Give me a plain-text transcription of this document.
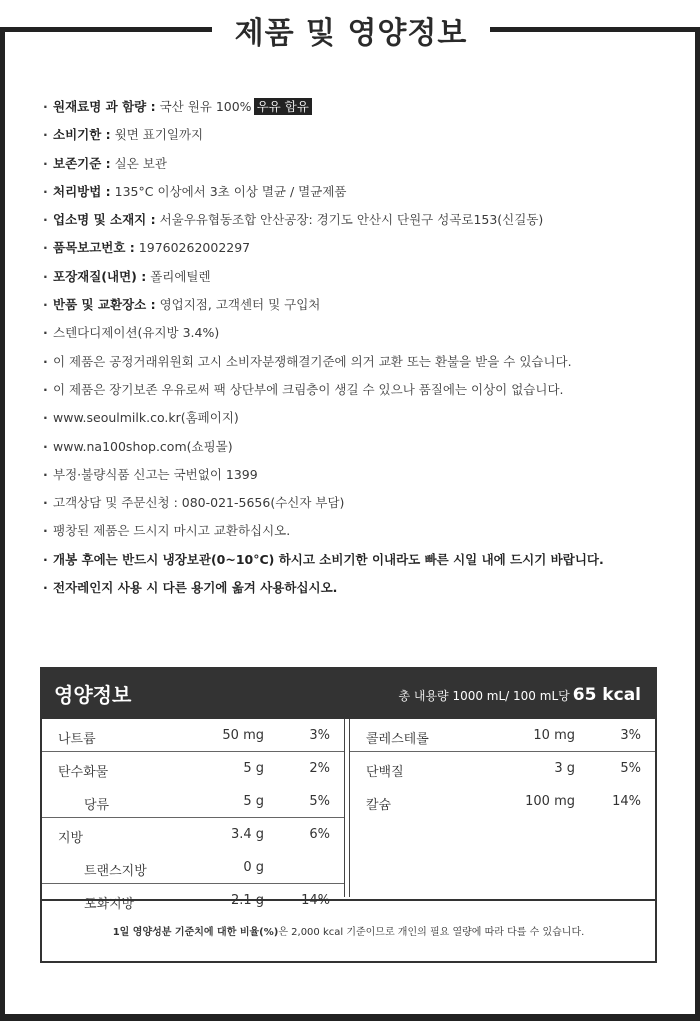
제품 및 영양정보
· 원재료명 과 함량 : 국산 원유 100% 우유 함유
· 소비기한 : 윗면 표기일까지
· 보존기준 : 실온 보관
· 처리방법 : 135°C 이상에서 3초 이상 멸균 / 멸균제품
· 업소명 및 소재지 : 서울우유협동조합 안산공장: 경기도 안산시 단원구 성곡로153(신길동)
· 품목보고번호 : 19760262002297
· 포장재질(내면) : 폴리에틸렌
· 반품 및 교환장소 : 영업지점, 고객센터 및 구입처
· 스텐다디제이션(유지방 3.4%)
· 이 제품은 공정거래위원회 고시 소비자분쟁해결기준에 의거 교환 또는 환불을 받을 수 있습니다.
· 이 제품은 장기보존 우유로써 팩 상단부에 크림층이 생길 수 있으나 품질에는 이상이 없습니다.
· www.seoulmilk.co.kr(홈페이지)
· www.na100shop.com(쇼핑몰)
· 부정·불량식품 신고는 국번없이 1399
· 고객상담 및 주문신청 : 080-021-5656(수신자 부담)
· 팽창된 제품은 드시지 마시고 교환하십시오.
· 개봉 후에는 반드시 냉장보관(0~10°C) 하시고 소비기한 이내라도 빠른 시일 내에 드시기 바랍니다.
· 전자레인지 사용 시 다른 용기에 옮겨 사용하십시오.
영양정보	총 내용량 1000 mL/ 100 mL당 65 kcal
나트륨	50 mg	3%
탄수화물	5 g	2%
당류	5 g	5%
지방	3.4 g	6%
트랜스지방	0 g
포화지방	2.1 g	14%
콜레스테롤	10 mg	3%
단백질	3 g	5%
칼슘	100 mg	14%
1일 영양성분 기준치에 대한 비율(%)은 2,000 kcal 기준이므로 개인의 필요 열량에 따라 다를 수 있습니다.
